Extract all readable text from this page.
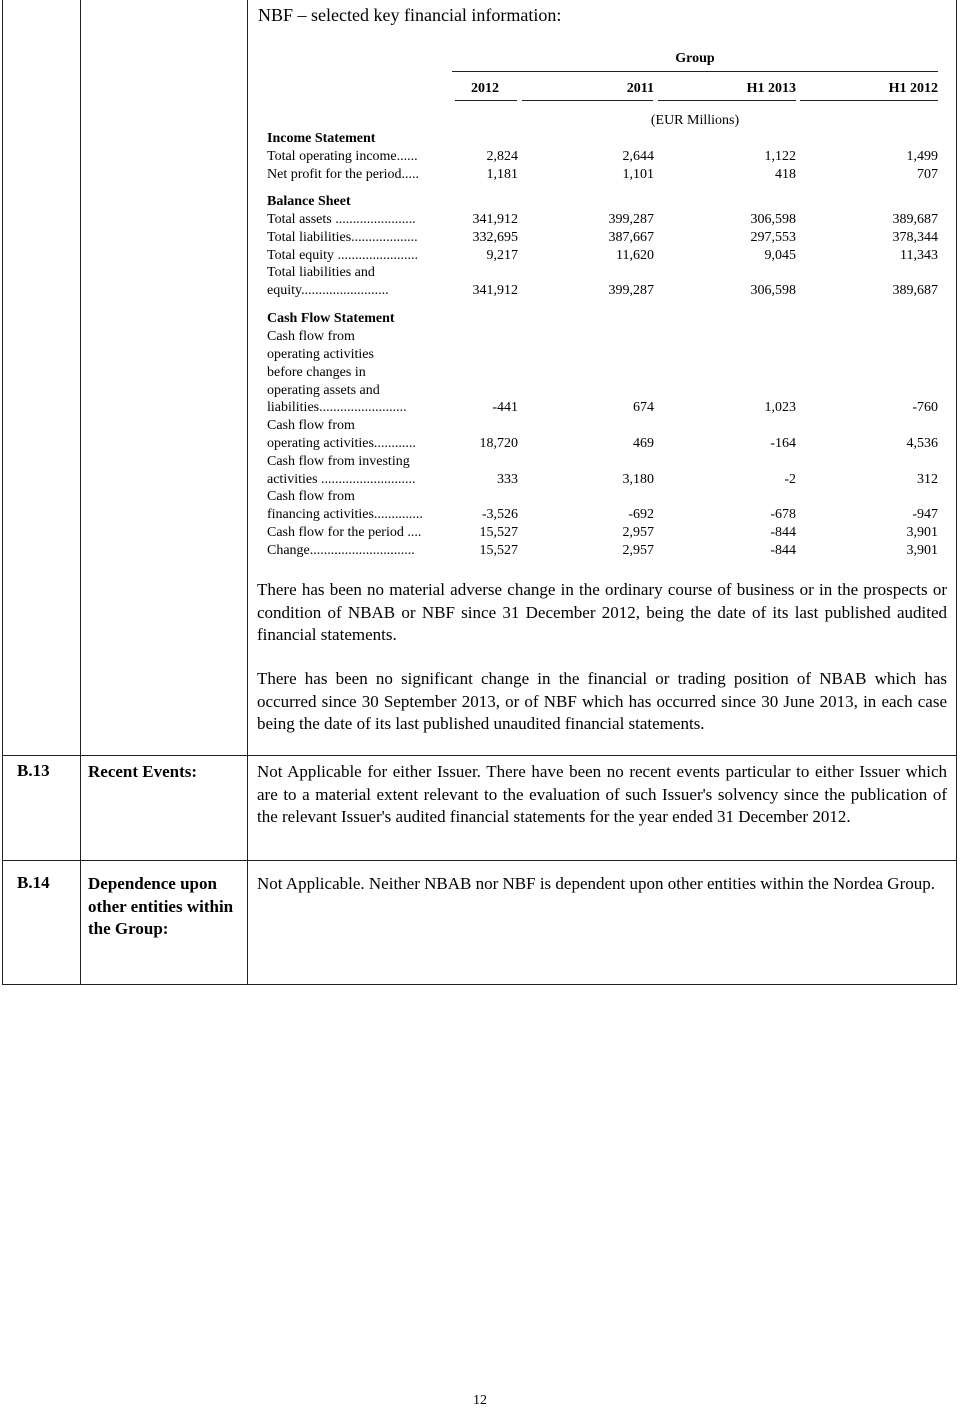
NBF – selected key financial information:
Group
2012	2011	H1 2013	H1 2012
(EUR Millions)
Income Statement
Total operating income......	2,824	2,644	1,122	1,499
Net profit for the period.....	1,181	1,101	418	707
Balance Sheet
Total assets .......................	341,912	399,287	306,598	389,687
Total liabilities...................	332,695	387,667	297,553	378,344
Total equity .......................	9,217	11,620	9,045	11,343
Total liabilities and
equity.........................	341,912	399,287	306,598	389,687
Cash Flow Statement
Cash flow from
operating activities
before changes in
operating assets and
liabilities.........................	-441	674	1,023	-760
Cash flow from
operating activities............	18,720	469	-164	4,536
Cash flow from investing
activities ...........................	333	3,180	-2	312
Cash flow from
financing activities..............	-3,526	-692	-678	-947
Cash flow for the period ....	15,527	2,957	-844	3,901
Change..............................	15,527	2,957	-844	3,901
There has been no material adverse change in the ordinary course of business or in the prospects or condition of NBAB or NBF since 31 December 2012, being the date of its last published audited financial statements.
There has been no significant change in the financial or trading position of NBAB which has occurred since 30 September 2013, or of NBF which has occurred since 30 June 2013, in each case being the date of its last published unaudited financial statements.
B.13 Recent Events:	Not Applicable for either Issuer. There have been no recent events particular to either Issuer which are to a material extent relevant to the evaluation of such Issuer's solvency since the publication of the relevant Issuer's audited financial statements for the year ended 31 December 2012.
B.14 Dependence upon other entities within the Group:
Not Applicable. Neither NBAB nor NBF is dependent upon other entities within the Nordea Group.
12
